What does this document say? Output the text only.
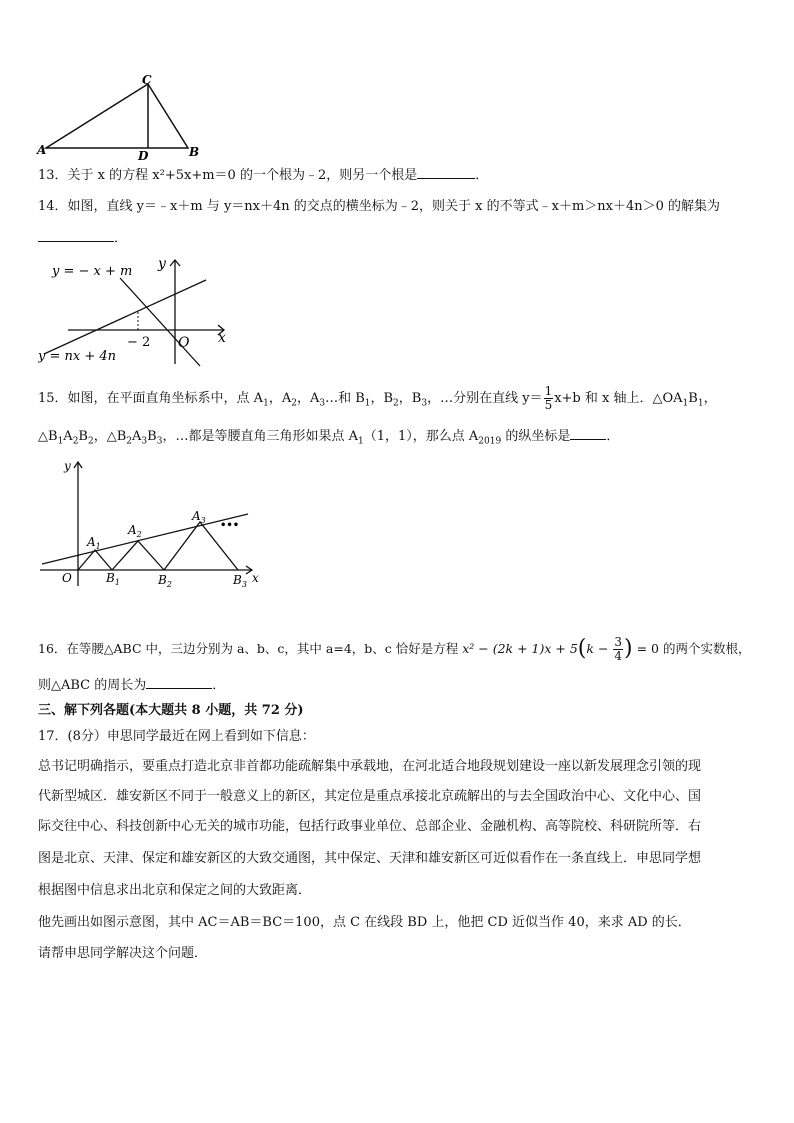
A
C
D	B
13．关于 x 的方程 x²+5x+m＝0 的一个根为﹣2，则另一个根是	．
14．如图，直线 y＝﹣x＋m 与 y＝nx＋4n 的交点的横坐标为﹣2，则关于 x 的不等式﹣x＋m＞nx＋4n＞0 的解集为
．
y = − x + m
y = nx + 4n
y
x
O
− 2
15．如图，在平面直角坐标系中，点 $A_1$，$A_2$，$A_3\dots$和 $B_1$，$B_2$，$B_3$，…分别在直线 $y= \frac{1}{5} x+b$ 和 x 轴上．$\triangle OA_1B_1$，
$\triangle B_1A_2B_2$，$\triangle B_2A_3B_3$，…都是等腰直角三角形如果点 $A_1(1$，1），那么点 $A_{2019}$ 的纵坐标是	．
y
x
O
$A_1$
$A_2$
$A_3$
$B_1$	$B_2$	$B_3$
•••
16．在等腰△ABC 中，三边分别为 a、b、c，其中 a=4，b、c 恰好是方程 $x^2 - (2k + 1)x + 5(k - \frac{3}{4}$ ) = 0 的两个实数根，
则△ABC 的周长为	．
三、解下列各题(本大题共 8 小题，共 72 分)
17．(8分）申思同学最近在网上看到如下信息：
总书记明确指示，要重点打造北京非首都功能疏解集中承载地，在河北适合地段规划建设一座以新发展理念引领的现
代新型城区．雄安新区不同于一般意义上的新区，其定位是重点承接北京疏解出的与去全国政治中心、文化中心、国
际交往中心、科技创新中心无关的城市功能，包括行政事业单位、总部企业、金融机构、高等院校、科研院所等．右
图是北京、天津、保定和雄安新区的大致交通图，其中保定、天津和雄安新区可近似看作在一条直线上．申思同学想
根据图中信息求出北京和保定之间的大致距离．
他先画出如图示意图，其中 AC＝AB＝BC＝100，点 C 在线段 BD 上，他把 CD 近似当作 40，来求 AD 的长．
请帮申思同学解决这个问题．
